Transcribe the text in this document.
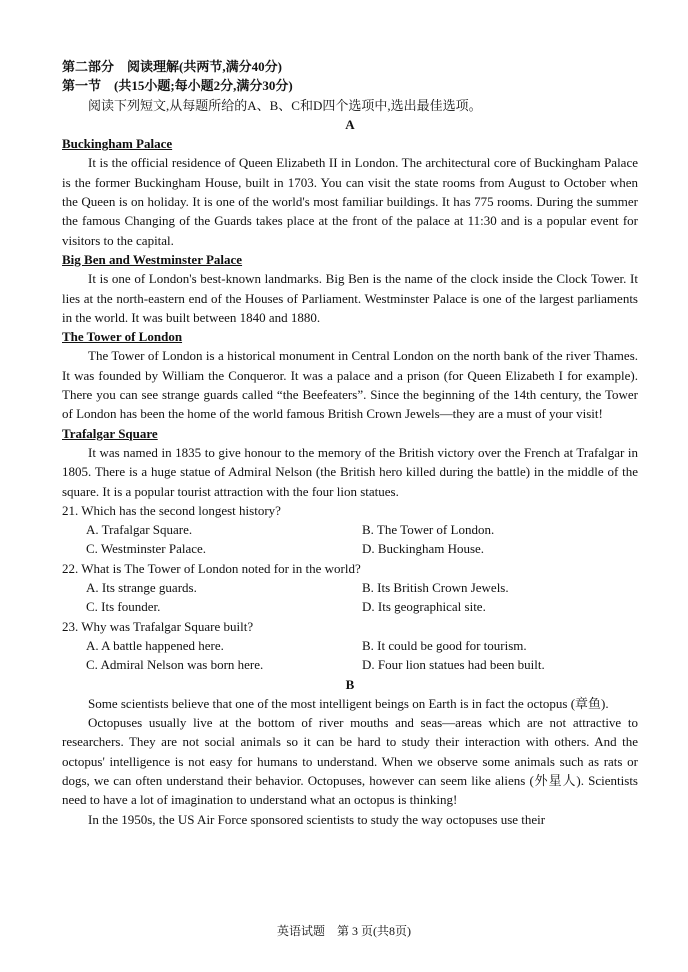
第二部分　阅读理解(共两节,满分40分)
第一节　(共15小题;每小题2分,满分30分)
阅读下列短文,从每题所给的A、B、C和D四个选项中,选出最佳选项。
A
Buckingham Palace

It is the official residence of Queen Elizabeth II in London. The architectural core of Buckingham Palace is the former Buckingham House, built in 1703. You can visit the state rooms from August to October when the Queen is on holiday. It is one of the world's most familiar buildings. It has 775 rooms. During the summer the famous Changing of the Guards takes place at the front of the palace at 11:30 and is a popular event for visitors to the capital.

Big Ben and Westminster Palace

It is one of London's best-known landmarks. Big Ben is the name of the clock inside the Clock Tower. It lies at the north-eastern end of the Houses of Parliament. Westminster Palace is one of the largest parliaments in the world. It was built between 1840 and 1880.

The Tower of London

The Tower of London is a historical monument in Central London on the north bank of the river Thames. It was founded by William the Conqueror. It was a palace and a prison (for Queen Elizabeth I for example). There you can see strange guards called “the Beefeaters”. Since the beginning of the 14th century, the Tower of London has been the home of the world famous British Crown Jewels—they are a must of your visit!

Trafalgar Square

It was named in 1835 to give honour to the memory of the British victory over the French at Trafalgar in 1805. There is a huge statue of Admiral Nelson (the British hero killed during the battle) in the middle of the square. It is a popular tourist attraction with the four lion statues.

21. Which has the second longest history?
A. Trafalgar Square.	B. The Tower of London.
C. Westminster Palace.	D. Buckingham House.
22. What is The Tower of London noted for in the world?
A. Its strange guards.	B. Its British Crown Jewels.
C. Its founder.	D. Its geographical site.
23. Why was Trafalgar Square built?
A. A battle happened here.	B. It could be good for tourism.
C. Admiral Nelson was born here.	D. Four lion statues had been built.
B

Some scientists believe that one of the most intelligent beings on Earth is in fact the octopus (章鱼).

Octopuses usually live at the bottom of river mouths and seas—areas which are not attractive to researchers. They are not social animals so it can be hard to study their interaction with others. And the octopus' intelligence is not easy for humans to understand. When we observe some animals such as rats or dogs, we can often understand their behavior. Octopuses, however can seem like aliens (外星人). Scientists need to have a lot of imagination to understand what an octopus is thinking!

In the 1950s, the US Air Force sponsored scientists to study the way octopuses use their

英语试题　第 3 页(共8页)
